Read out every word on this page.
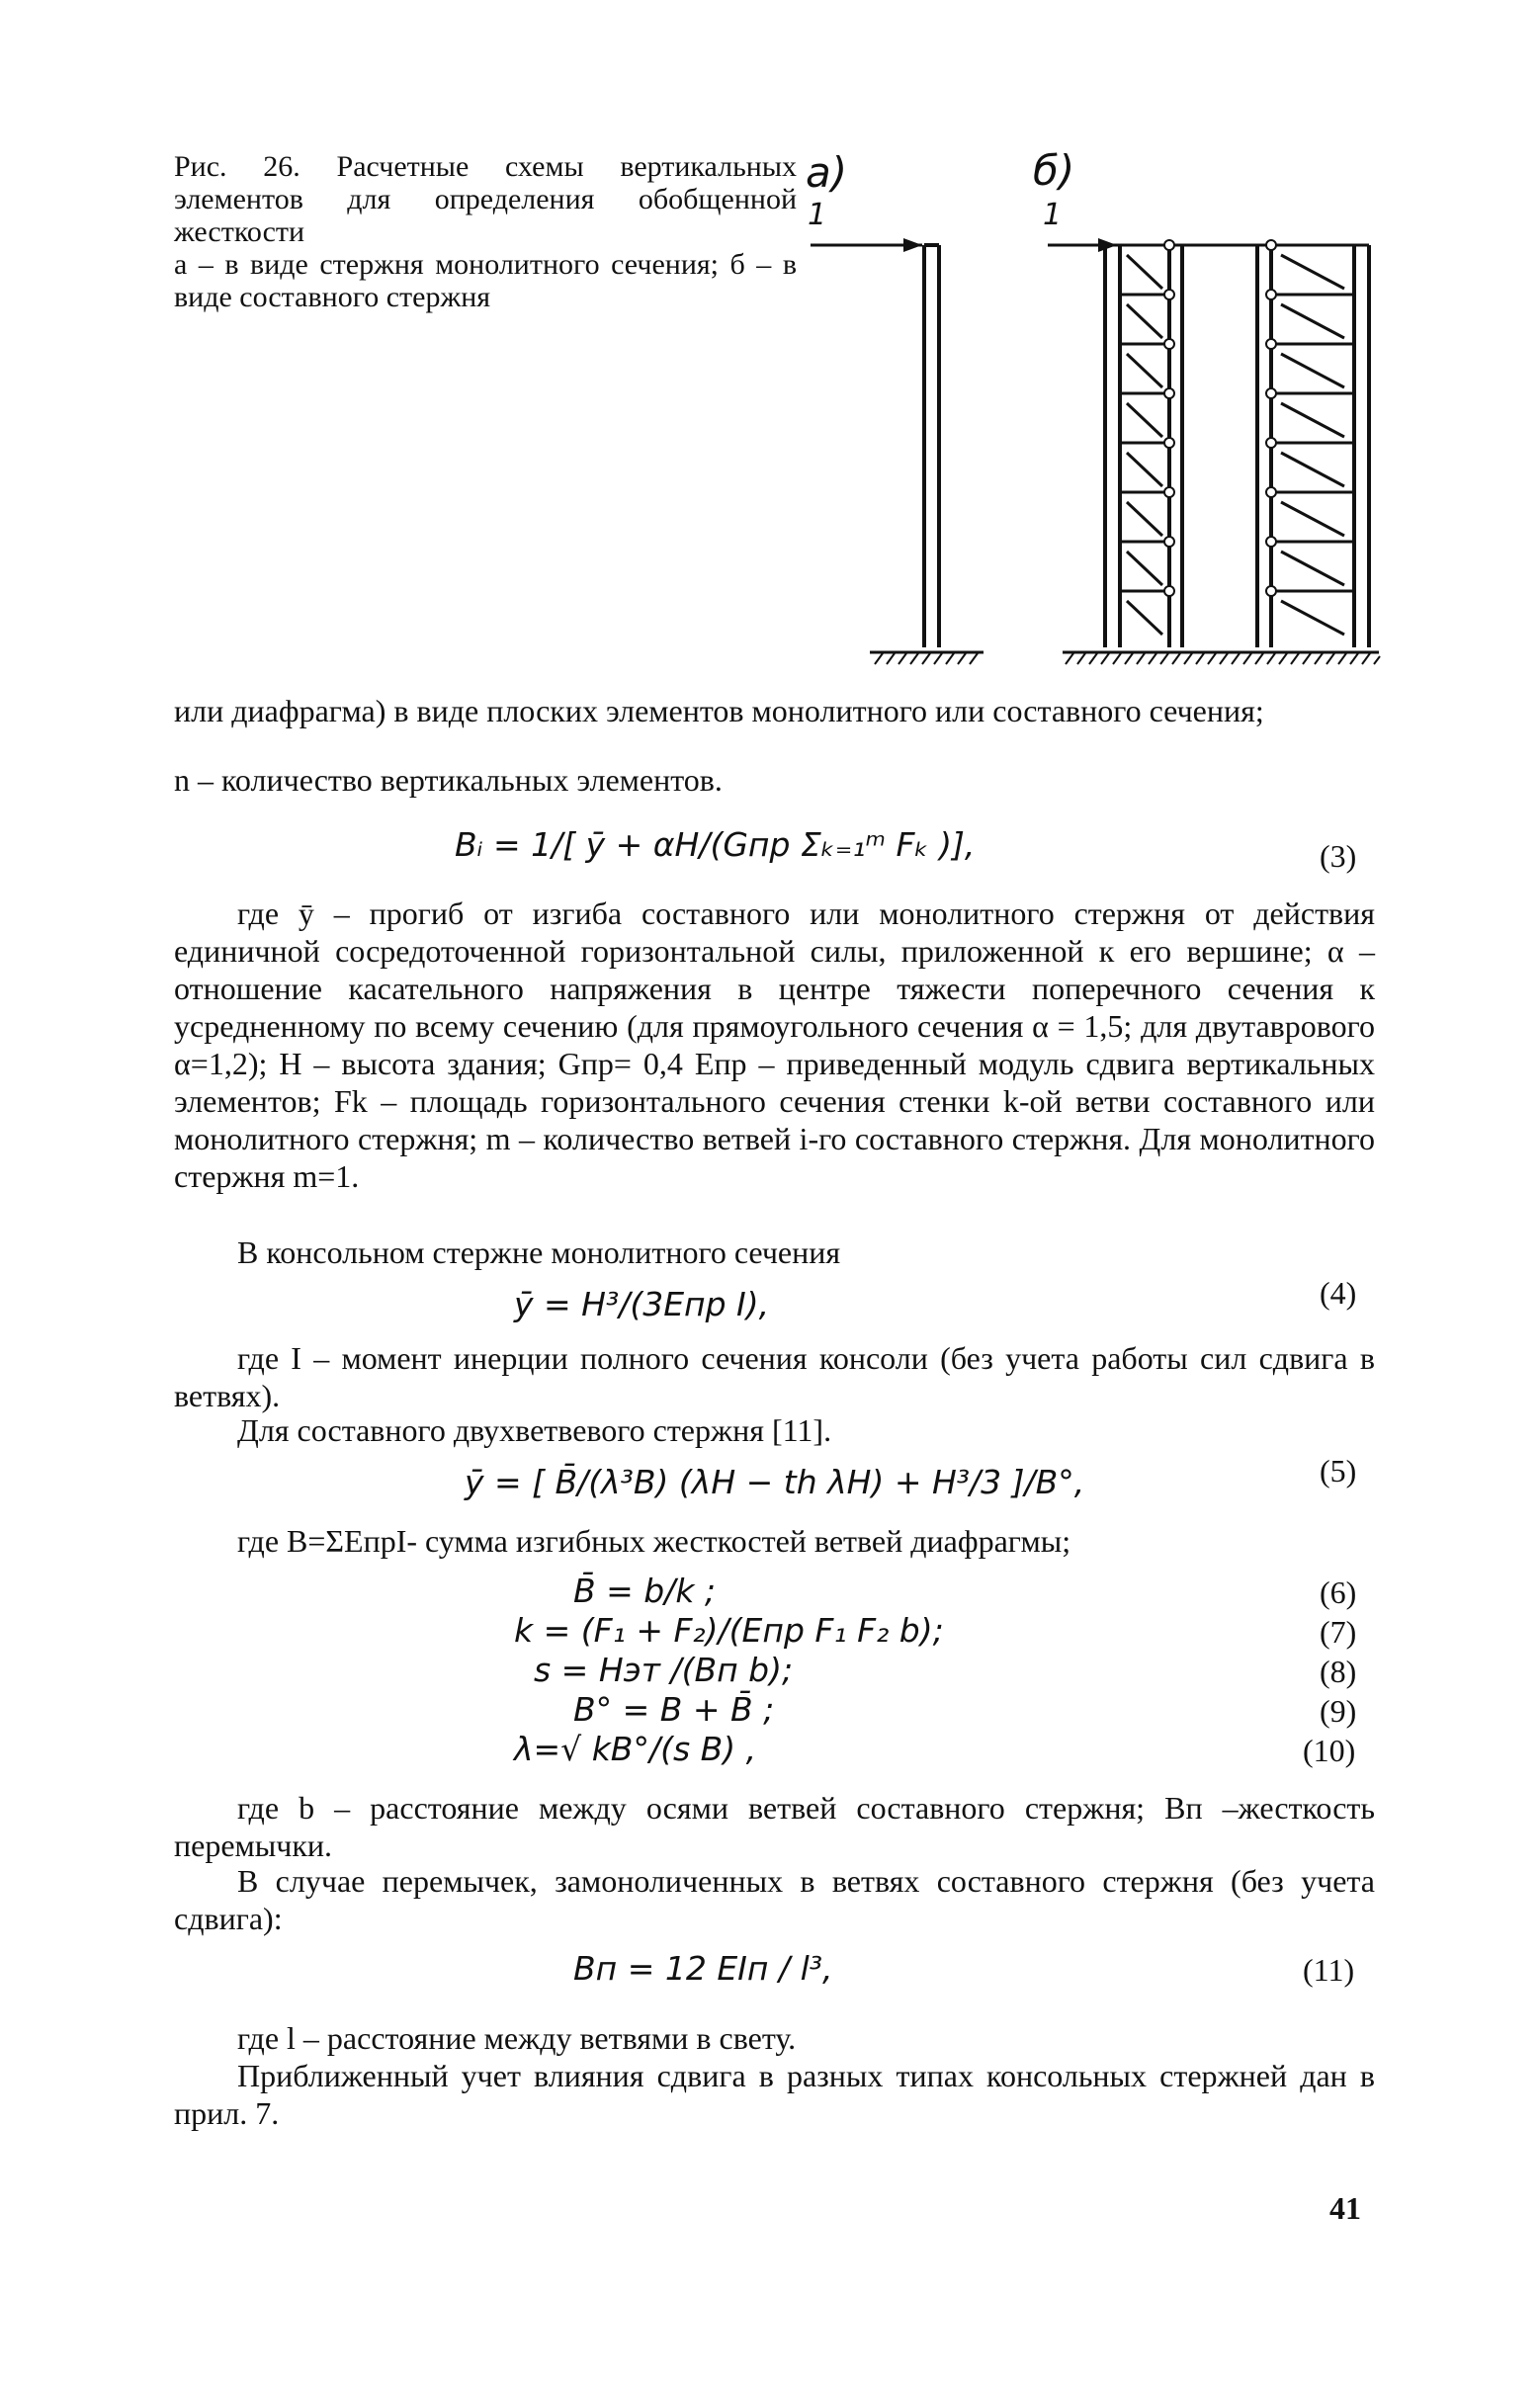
Рис. 26. Расчетные схемы вертикальных элементов для определения обобщенной жесткости
а – в виде стержня монолитного сечения; б – в виде составного стержня
а)	б)
1	1
или диафрагма) в виде плоских элементов монолитного или составного сечения;
n – количество вертикальных элементов.
Bᵢ = 1/[ ȳ + αH/(Gпр Σₖ₌₁ᵐ Fₖ )],	(3)
где ȳ – прогиб от изгиба составного или монолитного стержня от действия единичной сосредоточенной горизонтальной силы, приложенной к его вершине; α – отношение касательного напряжения в центре тяжести поперечного сечения к усредненному по всему сечению (для прямоугольного сечения α = 1,5; для двутаврового α=1,2); H – высота здания; Gпр= 0,4 Eпр – приведенный модуль сдвига вертикальных элементов; Fk – площадь горизонтального сечения стенки k-ой ветви составного или монолитного стержня; m – количество ветвей i-го составного стержня. Для монолитного стержня m=1.
В консольном стержне монолитного сечения
ȳ = H³/(3Eпр I),	(4)
где I – момент инерции полного сечения консоли (без учета работы сил сдвига в ветвях).
Для составного двухветвевого стержня [11].
ȳ = [ B̄/(λ³B) (λH − th λH) + H³/3 ]/B°,	(5)
где B=ΣEпрI- сумма изгибных жесткостей ветвей диафрагмы;
B̄ = b/k ;	(6)
k = (F₁ + F₂)/(Eпр F₁ F₂ b);	(7)
s = Hэт /(Bп b);	(8)
B° = B + B̄ ;	(9)
λ=√ kB°/(s B) ,	(10)
где b – расстояние между осями ветвей составного стержня; Bп –жесткость перемычки.
В случае перемычек, замоноличенных в ветвях составного стержня (без учета сдвига):
Bп = 12 EIп / l³,	(11)
где l – расстояние между ветвями в свету.
Приближенный учет влияния сдвига в разных типах консольных стержней дан в прил. 7.
41
